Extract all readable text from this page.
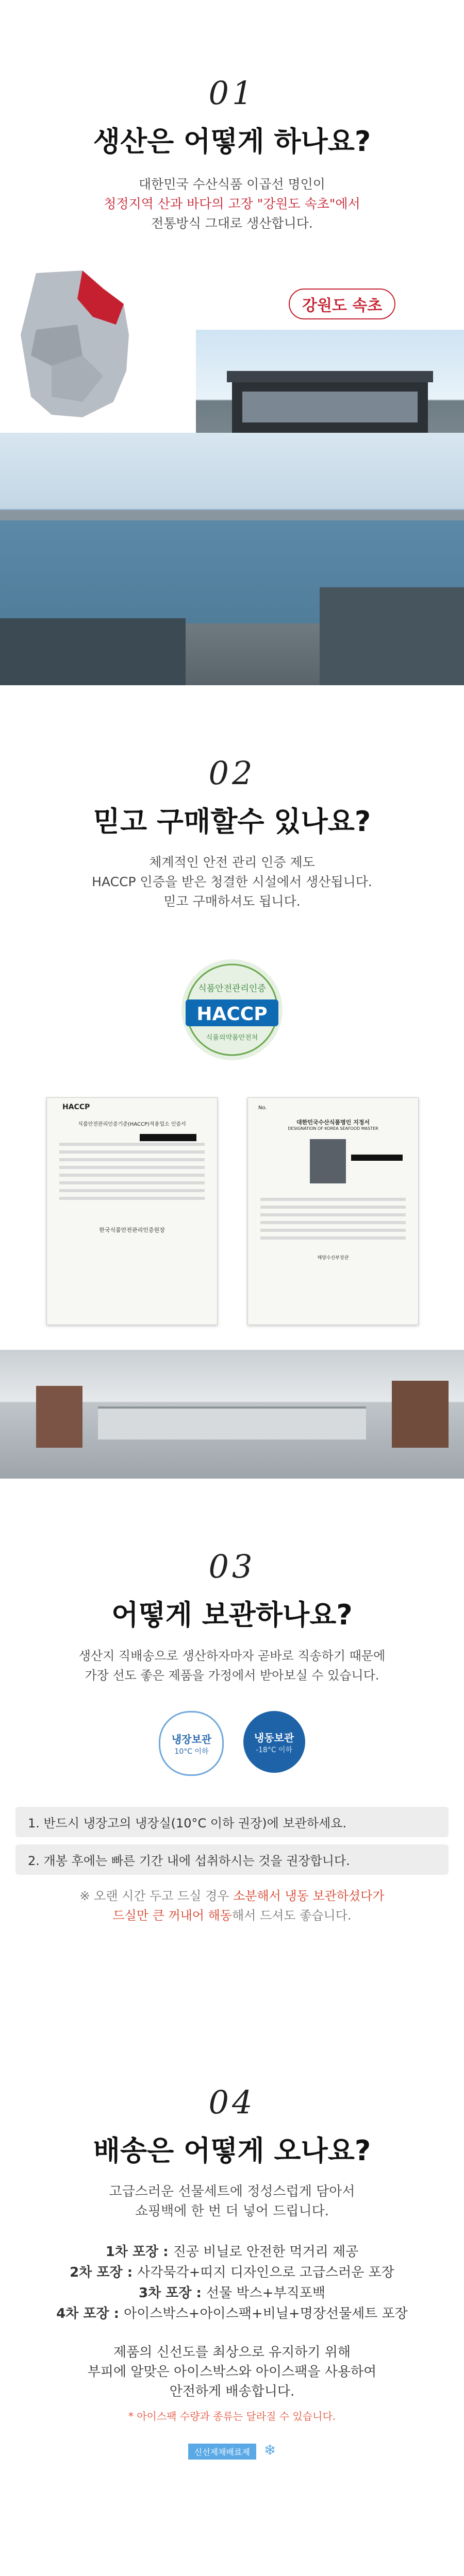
01
생산은 어떻게 하나요?
대한민국 수산식품 이곱선 명인이
청정지역 산과 바다의 고장 "강원도 속초"에서
전통방식 그대로 생산합니다.
강원도 속초
02
믿고 구매할수 있나요?
체계적인 안전 관리 인증 제도
HACCP 인증을 받은 청결한 시설에서 생산됩니다.
믿고 구매하셔도 됩니다.
식품안전관리인증
HACCP
식품의약품안전처
HACCP
식품안전관리인증기준(HACCP)적용업소 인증서
한국식품안전관리인증원장
No.
대한민국수산식품명인 지정서
DESIGNATION OF KOREA SEAFOOD MASTER
해양수산부장관
03
어떻게 보관하나요?
생산지 직배송으로 생산하자마자 곧바로 직송하기 때문에
가장 선도 좋은 제품을 가정에서 받아보실 수 있습니다.
냉장보관
10°C 이하

냉동보관
-18°C 이하
1. 반드시 냉장고의 냉장실(10°C 이하 권장)에 보관하세요.
2. 개봉 후에는 빠른 기간 내에 섭취하시는 것을 권장합니다.
※ 오랜 시간 두고 드실 경우 소분해서 냉동 보관하셨다가
드실만 큰 꺼내어 해동해서 드셔도 좋습니다.
04
배송은 어떻게 오나요?
고급스러운 선물세트에 정성스럽게 담아서
쇼핑백에 한 번 더 넣어 드립니다.
1차 포장 : 진공 비닐로 안전한 먹거리 제공
2차 포장 : 사각묵각+띠지 디자인으로 고급스러운 포장
3차 포장 : 선물 박스+부직포백
4차 포장 : 아이스박스+아이스팩+비닐+명장선물세트 포장
제품의 신선도를 최상으로 유지하기 위해
부피에 알맞은 아이스박스와 아이스팩을 사용하여
안전하게 배송합니다.
* 아이스팩 수량과 종류는 달라질 수 있습니다.
신선제채배료제 ❄
